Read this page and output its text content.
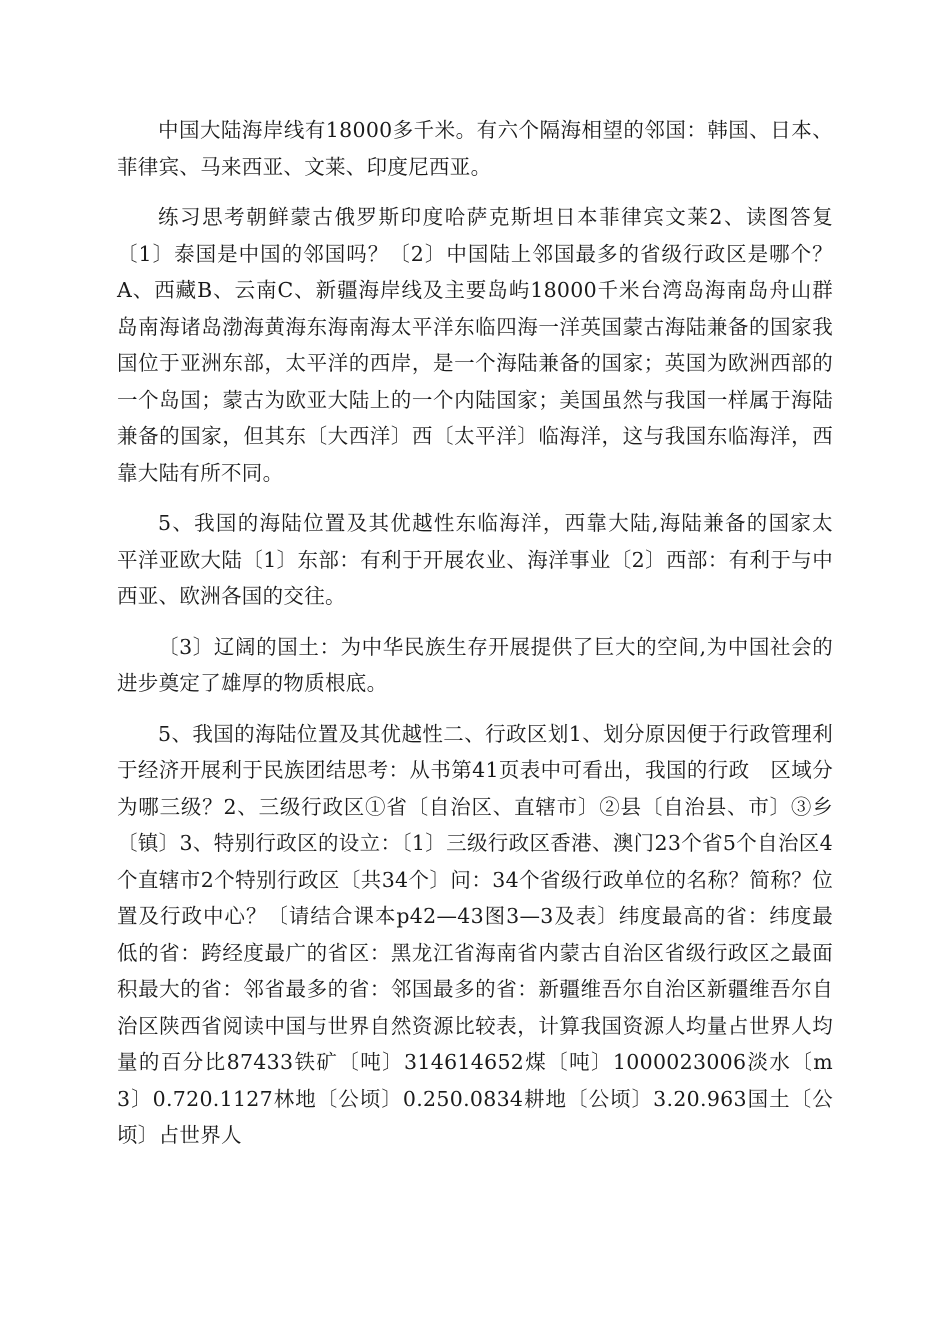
中国大陆海岸线有18000多千米。有六个隔海相望的邻国：韩国、日本、菲律宾、马来西亚、文莱、印度尼西亚。

练习思考朝鲜蒙古俄罗斯印度哈萨克斯坦日本菲律宾文莱2、读图答复〔1〕泰国是中国的邻国吗？〔2〕中国陆上邻国最多的省级行政区是哪个？A、西藏B、云南C、新疆海岸线及主要岛屿18000千米台湾岛海南岛舟山群岛南海诸岛渤海黄海东海南海太平洋东临四海一洋英国蒙古海陆兼备的国家我国位于亚洲东部，太平洋的西岸，是一个海陆兼备的国家；英国为欧洲西部的一个岛国；蒙古为欧亚大陆上的一个内陆国家；美国虽然与我国一样属于海陆兼备的国家，但其东〔大西洋〕西〔太平洋〕临海洋，这与我国东临海洋，西靠大陆有所不同。

5、我国的海陆位置及其优越性东临海洋，西靠大陆,海陆兼备的国家太　平洋亚欧大陆〔1〕东部：有利于开展农业、海洋事业〔2〕西部：有利于与中西亚、欧洲各国的交往。

〔3〕辽阔的国土：为中华民族生存开展提供了巨大的空间,为中国社会的进步奠定了雄厚的物质根底。

5、我国的海陆位置及其优越性二、行政区划1、划分原因便于行政管理利于经济开展利于民族团结思考：从书第41页表中可看出，我国的行政　区域分为哪三级？2、三级行政区①省〔自治区、直辖市〕②县〔自治县、市〕③乡〔镇〕3、特别行政区的设立：〔1〕三级行政区香港、澳门23个省5个自治区4个直辖市2个特别行政区〔共34个〕问：34个省级行政单位的名称？简称？位置及行政中心？〔请结合课本p42—43图3—3及表〕纬度最高的省：纬度最低的省：跨经度最广的省区：黑龙江省海南省内蒙古自治区省级行政区之最面积最大的省：邻省最多的省：邻国最多的省：新疆维吾尔自治区新疆维吾尔自治区陕西省阅读中国与世界自然资源比较表，计算我国资源人均量占世界人均量的百分比87433铁矿〔吨〕314614652煤〔吨〕1000023006淡水〔m3〕0.720.1127林地〔公顷〕0.250.0834耕地〔公顷〕3.20.963国土〔公顷〕占世界人
